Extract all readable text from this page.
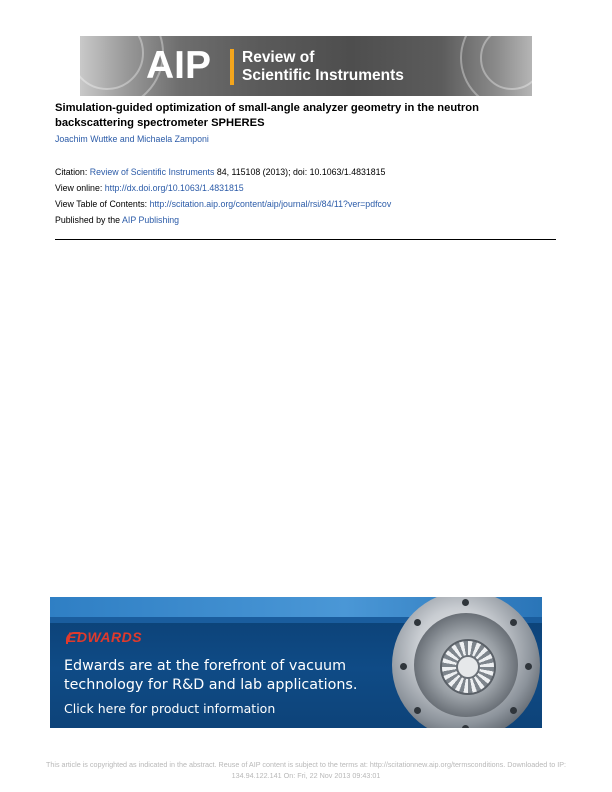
AIP Review of
Scientific Instruments
Simulation-guided optimization of small-angle analyzer geometry in the neutron backscattering spectrometer SPHERES
Joachim Wuttke and Michaela Zamponi
Citation: Review of Scientific Instruments 84, 115108 (2013); doi: 10.1063/1.4831815
View online: http://dx.doi.org/10.1063/1.4831815
View Table of Contents: http://scitation.aip.org/content/aip/journal/rsi/84/11?ver=pdfcov
Published by the AIP Publishing
EDWARDS
Edwards are at the forefront of vacuum
technology for R&D and lab applications.
Click here for product information
This article is copyrighted as indicated in the abstract. Reuse of AIP content is subject to the terms at: http://scitationnew.aip.org/termsconditions. Downloaded to IP:
134.94.122.141 On: Fri, 22 Nov 2013 09:43:01
